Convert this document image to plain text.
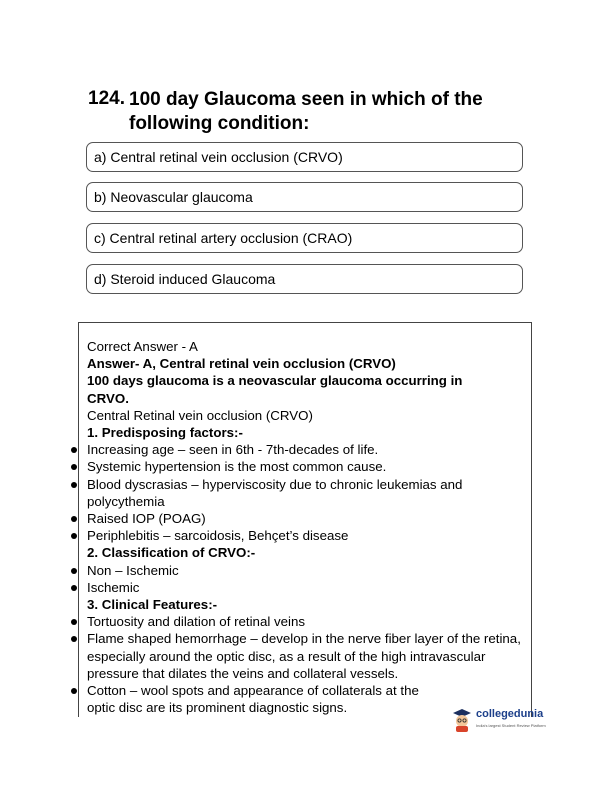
124. 100 day Glaucoma seen in which of the following condition:
a) Central retinal vein occlusion (CRVO)
b) Neovascular glaucoma
c) Central retinal artery occlusion (CRAO)
d) Steroid induced Glaucoma
Correct Answer - A
Answer- A, Central retinal vein occlusion (CRVO)
100 days glaucoma is a neovascular glaucoma occurring in CRVO.
Central Retinal vein occlusion (CRVO)
1. Predisposing factors:-
Increasing age – seen in 6th - 7th-decades of life.
Systemic hypertension is the most common cause.
Blood dyscrasias – hyperviscosity due to chronic leukemias and polycythemia
Raised IOP (POAG)
Periphlebitis – sarcoidosis, Behçet’s disease
2. Classification of CRVO:-
Non – Ischemic
Ischemic
3. Clinical Features:-
Tortuosity and dilation of retinal veins
Flame shaped hemorrhage – develop in the nerve fiber layer of the retina, especially around the optic disc, as a result of the high intravascular pressure that dilates the veins and collateral vessels.
Cotton – wool spots and appearance of collaterals at the optic disc are its prominent diagnostic signs.	collegedunia
India's largest Student Review Platform
